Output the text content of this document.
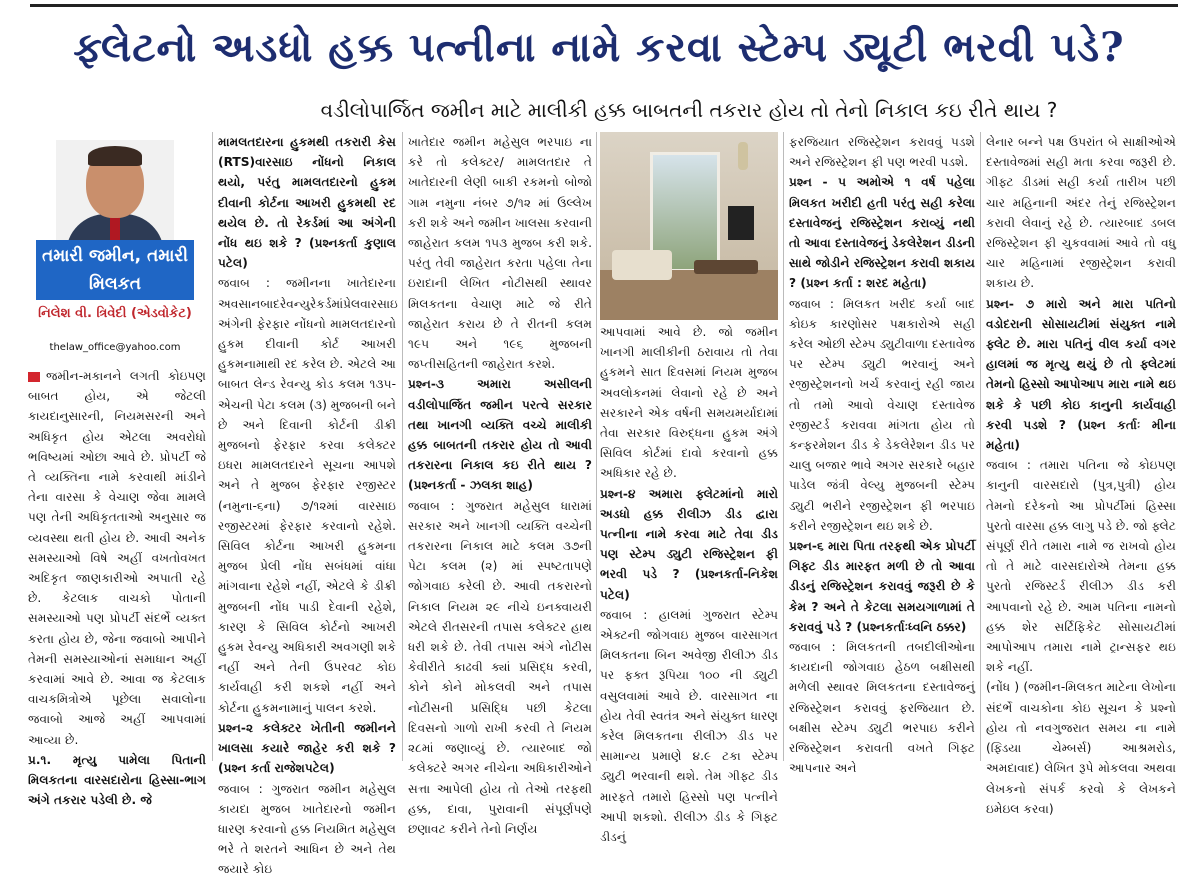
ફ્લેટનો અડધો હક્ક પત્નીના નામે કરવા સ્ટેમ્પ ડ્યૂટી ભરવી પડે?
વડીલોપાર્જિત જમીન માટે માલીકી હક્ક બાબતની તકરાર હોય તો તેનો નિકાલ કઇ રીતે થાય ?
તમારી જમીન, તમારી મિલકત
નિલેશ વી. ત્રિવેદી (એડવોકેટ)
thelaw_office@yahoo.com

જમીન-મકાનને લગતી કોઇપણ બાબત હોય, એ જેટલી કાયદાનુસારની, નિયમસરની અને અધિકૃત હોય એટલા અવરોધો ભવિષ્યમાં ઓછા આવે છે. પ્રોપર્ટી જે તે વ્યક્તિના નામે કરવાથી માંડીને તેના વારસા કે વેચાણ જેવા મામલે પણ તેની અધિકૃતતાઓ અનુસાર જ વ્યવસ્થા થતી હોય છે. આવી અનેક સમસ્યાઓ વિષે અહીં વખતોવખત અદિકૃત જાણકારીઓ અપાતી રહે છે. કેટલાક વાચકો પોતાની સમસ્યાઓ પણ પ્રોપર્ટી સંદર્ભે વ્યક્ત કરતા હોય છે, જેના જવાબો આપીને તેમની સમસ્યાઓનાં સમાધાન અહીં કરવામાં આવે છે. આવા જ કેટલાક વાચકમિત્રોએ પૂછેલા સવાલોના જવાબો આજે અહીં આપવામાં આવ્યા છે.

પ્ર.૧. મૃત્યુ પામેલા પિતાની મિલકતના વારસદારોના હિસ્સા-ભાગ અંગે તકરાર પડેલી છે. જે

મામલતદારના હુકમથી તકરારી કેસ (RTS)વારસાઇ નોંધનો નિકાલ થયો, પરંતુ મામલતદારનો હુકમ દીવાની કોર્ટના આખરી હુકમથી રદ થયેલ છે. તો રેકર્ડમાં આ અંગેની નોંધ થઇ શકે ? (પ્રશ્નકર્તા કુણાલ પટેલ)

જવાબ : જમીનના ખાતેદારના અવસાનબાદરેવન્યુરેકર્ડમાંપ્રેલવારસાઇ અંગેની ફેરફાર નોંધનો મામલતદારનો હુકમ દીવાની કોર્ટ આખરી હુકમનામાથી રદ કરેલ છે. એટલે આ બાબત લેન્ડ રેવન્યુ કોડ કલમ ૧૩૫-એચની પેટા કલમ (૩) મુજબની બને છે અને દિવાની કોર્ટની ડીક્રી મુજબનો ફેરફાર કરવા કલેક્ટર ઇધરા મામલતદારને સૂચના આપશે અને તે મુજબ ફેરફાર રજીસ્ટર (નમુના-૬ના) ૭/૧૨માં વારસાઇ રજીસ્ટરમાં ફેરફાર કરવાનો રહેશે. સિવિલ કોર્ટના આખરી હુકમના મુજબ પ્રેલી નોંધ સબંધમાં વાંધા માંગવાના રહેશે નહીં, એટલે કે ડીક્રી મુજબની નોંધ પાડી દેવાની રહેશે, કારણ કે સિવિલ કોર્ટનો આખરી હુકમ રેવન્યુ અધિકારી અવગણી શકે નહીં અને તેની ઉપરવટ કોઇ કાર્યવાહી કરી શકશે નહીં અને કોર્ટના હુકમનામાનું પાલન કરશે.

પ્રશ્ન-૨ કલેક્ટર ખેતીની જમીનને ખાલસા કયારે જાહેર કરી શકે ? (પ્રશ્ન કર્તા રાજેશપટેલ)

જવાબ : ગુજરાત જમીન મહેસુલ કાયદા મુજબ ખાતેદારનો જમીન ધારણ કરવાનો હક્ક નિયમિત મહેસુલ ભરે તે શરતને આધિન છે અને તેથ જયારે કોઇ

ખાતેદાર જમીન મહેસુલ ભરપાઇ ના કરે તો કલેક્ટર/ મામલતદાર તે ખાતેદારની લેણી બાકી રકમનો બોજો ગામ નમુના નંબર ૭/૧૨ માં ઉલ્લેખ કરી શકે અને જમીન ખાલસા કરવાની જાહેરાત કલમ ૧૫૩ મુજબ કરી શકે. પરંતુ તેવી જાહેરાત કરતા પહેલા તેના ઇરાદાની લેખિત નોટીસથી સ્થાવર મિલકતના વેચાણ માટે જે રીતે જાહેરાત કરાય છે તે રીતની કલમ ૧૯૫ અને ૧૯૬ મુજબની જપ્તીસહિતની જાહેરાત કરશે.

પ્રશ્ન-૩ અમારા અસીલની વડીલોપાર્જિત જમીન પરત્વે સરકાર તથા ખાનગી વ્યક્તિ વચ્ચે માલીકી હક્ક બાબતની તકરાર હોય તો આવી તકરારના નિકાલ કઇ રીતે થાય ? (પ્રશ્નકર્તા - ઝલકા શાહ)

જવાબ : ગુજરાત મહેસુલ ધારામાં સરકાર અને ખાનગી વ્યક્તિ વચ્ચેની તકરારના નિકાલ માટે કલમ ૩૭ની પેટા કલમ (૨) માં સ્પષ્ટતાપણે જોગવાઇ કરેલી છે. આવી તકરારનો નિકાલ નિયમ ૨૯ નીચે ઇનક્વાયરી એટલે રીતસરની તપાસ કલેક્ટર હાથ ધરી શકે છે. તેવી તપાસ અંગે નોટીસ કેવીરીતે કાઢવી ક્યાં પ્રસિદ્ધ કરવી, કોને કોને મોકલવી અને તપાસ નોટીસની પ્રસિદ્ધિ પછી કેટલા દિવસનો ગાળો રાખી કરવી તે નિયમ ૨૮માં જણાવ્યું છે. ત્યારબાદ જો કલેક્ટરે અગર નીચેના અધિકારીઓને સત્તા આપેલી હોય તો તેઓ તરફથી હક્ક, દાવા, પુરાવાની સંપૂર્ણપણે છણાવટ કરીને તેનો નિર્ણય

આપવામાં આવે છે. જો જમીન ખાનગી માલીકીની ઠરાવાય તો તેવા હુકમને સાત દિવસમાં નિયમ મુજબ અવલોકનમાં લેવાનો રહે છે અને સરકારને એક વર્ષની સમયમર્યાદામાં તેવા સરકાર વિરુદ્ધના હુકમ અંગે સિવિલ કોર્ટમાં દાવો કરવાનો હક્ક અધિકાર રહે છે.

પ્રશ્ન-૪ અમારા ફ્લેટમાંનો મારો અડધો હક્ક રીલીઝ ડીડ દ્વારા પત્નીના નામે કરવા માટે તેવા ડીડ પણ સ્ટેમ્પ ડ્યુટી રજિસ્ટ્રેશન ફી ભરવી પડે ? (પ્રશ્નકર્તા-નિકેશ પટેલ)

જવાબ : હાલમાં ગુજરાત સ્ટેમ્પ એક્ટની જોગવાઇ મુજબ વારસાગત મિલકતના બિન અવેજી રીલીઝ ડીડ પર ફક્ત રૂપિયા ૧૦૦ ની ડ્યુટી વસુલવામાં આવે છે. વારસાગત ના હોય તેવી સ્વતંત્ર અને સંયુક્ત ધારણ કરેલ મિલકતના રીલીઝ ડીડ પર સામાન્ય પ્રમાણે ૪.૯ ટકા સ્ટેમ્પ ડ્યુટી ભરવાની થશે. તેમ ગીફ્ટ ડીડ મારફતે તમારો હિસ્સો પણ પત્નીને આપી શકશો. રીલીઝ ડીડ કે ગિફ્ટ ડીડનું

ફરજિયાત રજિસ્ટ્રેશન કરાવવું પડશે અને રજિસ્ટ્રેશન ફી પણ ભરવી પડશે.

પ્રશ્ન - ૫ અમોએ ૧ વર્ષ પહેલા મિલકત ખરીદી હતી પરંતુ સહી કરેલા દસ્તાવેજનું રજિસ્ટ્રેશન કરાવ્યું નથી તો આવા દસ્તાવેજનું ડેકલેરેશન ડીડની સાથે જોડીને રજિસ્ટ્રેશન કરાવી શકાય ? (પ્રશ્ન કર્તા : શરદ મહેતા)

જવાબ : મિલકત ખરીદ કર્યા બાદ કોઇક કારણોસર પક્ષકારોએ સહી કરેલ ઓછી સ્ટેમ્પ ડ્યુટીવાળા દસ્તાવેજ પર સ્ટેમ્પ ડ્યુટી ભરવાનું અને રજીસ્ટ્રેશનનો ખર્ચ કરવાનું રહી જાય તો તમો આવો વેચાણ દસ્તાવેજ રજીસ્ટર્ડ કરાવવા માંગતા હોય તો કન્ફરમેશન ડીડ કે ડેકલેરેશન ડીડ પર ચાલુ બજાર ભાવે અગર સરકારે બહાર પાડેલ જંત્રી વેલ્યુ મુજબની સ્ટેમ્પ ડ્યુટી ભરીને રજીસ્ટ્રેશન ફી ભરપાઇ કરીને રજીસ્ટ્રેશન થઇ શકે છે.

પ્રશ્ન-૬ મારા પિતા તરફથી એક પ્રોપર્ટી ગિફ્ટ ડીડ મારફત મળી છે તો આવા ડીડનું રજિસ્ટ્રેશન કરાવવું જરૂરી છે કે કેમ ? અને તે કેટલા સમયગાળામાં તે કરાવવું પડે ? (પ્રશ્નકર્તાઃધ્વનિ ઠક્કર)

જવાબ : મિલકતની તબદીલીઓના કાયદાની જોગવાઇ હેઠળ બક્ષીસથી મળેલી સ્થાવર મિલકતના દસ્તાવેજનું રજિસ્ટ્રેશન કરાવવું ફરજિયાત છે. બક્ષીસ સ્ટેમ્પ ડ્યુટી ભરપાઇ કરીને રજિસ્ટ્રેશન કરાવતી વખતે ગિફ્ટ આપનાર અને

લેનાર બન્ને પક્ષ ઉપરાંત બે સાક્ષીઓએ દસ્તાવેજમાં સહી મતા કરવા જરૂરી છે. ગીફ્ટ ડીડમાં સહી કર્યા તારીખ પછી ચાર મહિનાની અંદર તેનું રજિસ્ટ્રેશન કરાવી લેવાનું રહે છે. ત્યારબાદ ડબલ રજિસ્ટ્રેશન ફી ચુકવવામાં આવે તો વધુ ચાર મહિનામાં રજીસ્ટ્રેશન કરાવી શકાય છે.

પ્રશ્ન- ૭ મારો અને મારા પતિનો વડોદરાની સોસાયટીમાં સંયુક્ત નામે ફ્લેટ છે. મારા પતિનું વીલ કર્યા વગર હાલમાં જ મૃત્યુ થયું છે તો ફ્લેટમાં તેમનો હિસ્સો આપોઆપ મારા નામે થઇ શકે કે પછી કોઇ કાનુની કાર્યવાહી કરવી પડશે ? (પ્રશ્ન કર્તાઃ મીના મહેતા)

જવાબ : તમારા પતિના જે કોઇપણ કાનુની વારસદારો (પુત્ર,પુત્રી) હોય તેમનો દરેકનો આ પ્રોપર્ટીમાં હિસ્સા પુરતો વારસા હક્ક લાગુ પડે છે. જો ફ્લેટ સંપૂર્ણ રીતે તમારા નામે જ રાખવો હોય તો તે માટે વારસદારોએ તેમના હક્ક પુરતો રજિસ્ટર્ડ રીલીઝ ડીડ કરી આપવાનો રહે છે. આમ પતિના નામનો હક્ક શેર સર્ટિફિકેટ સોસાયટીમાં આપોઆપ તમારા નામે ટ્રાન્સફર થઇ શકે નહીં.

(નોંધ ) (જમીન-મિલકત માટેના લેખોના સંદર્ભે વાચકોના કોઇ સૂચન કે પ્રશ્નો હોય તો નવગુજરાત સમય ના નામે (ફ્ડિયા ચેમ્બર્સ) આશ્રમરોડ, અમદાવાદ) લેખિત રૂપે મોકલવા અથવા લેખકનો સંપર્ક કરવો કે લેખકને ઇમેઇલ કરવા)
